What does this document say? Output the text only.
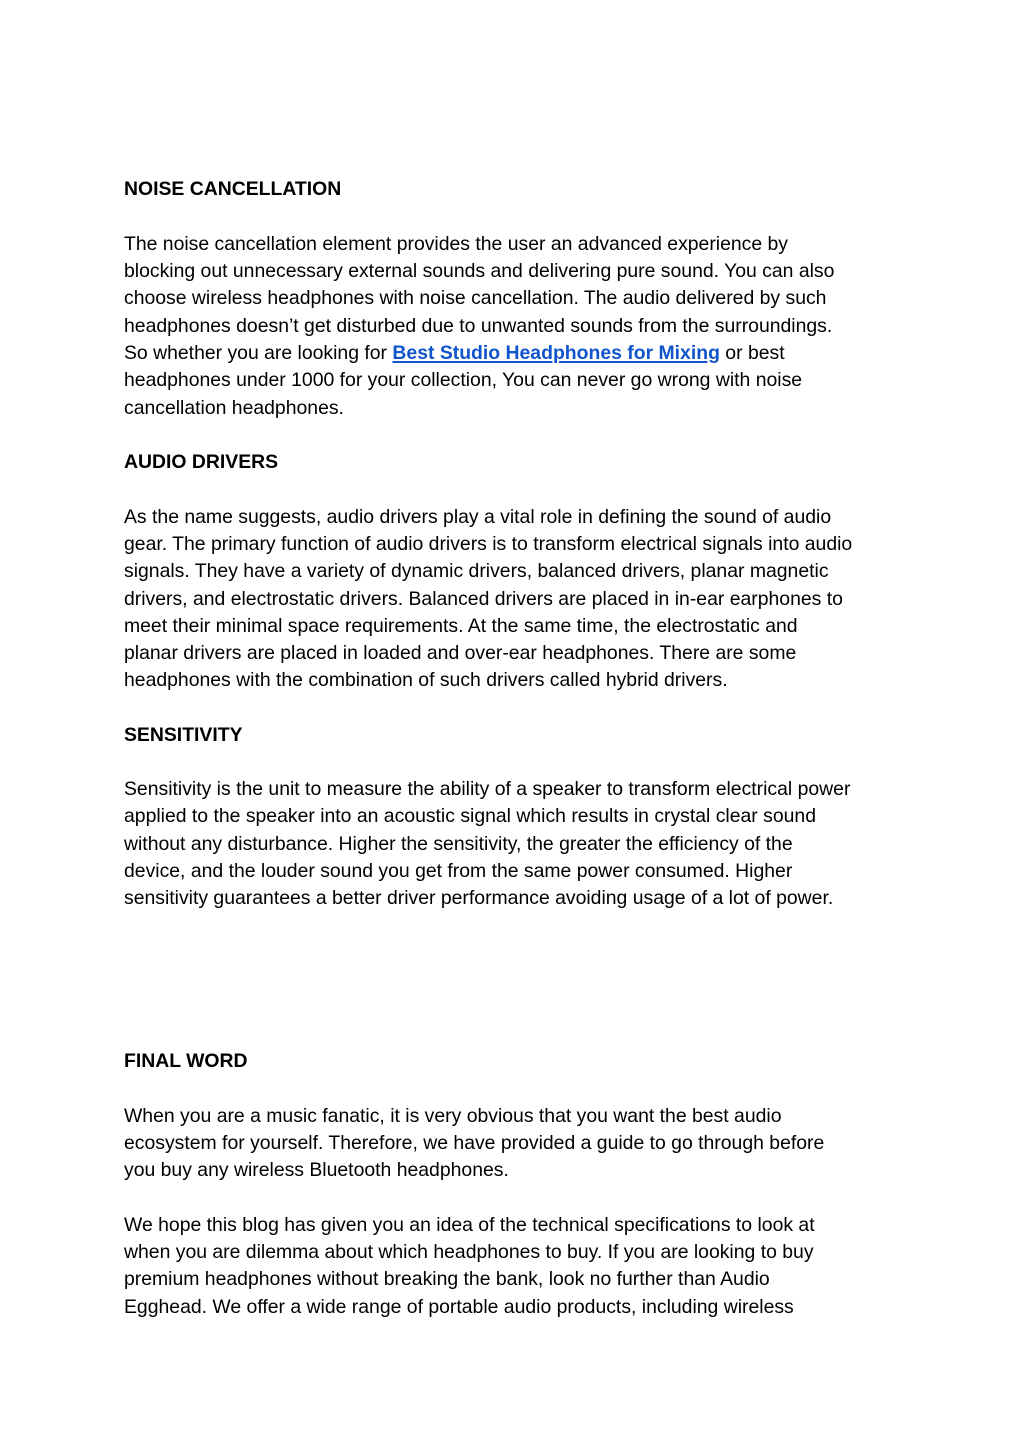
NOISE CANCELLATION
The noise cancellation element provides the user an advanced experience by
blocking out unnecessary external sounds and delivering pure sound. You can also
choose wireless headphones with noise cancellation. The audio delivered by such
headphones doesn’t get disturbed due to unwanted sounds from the surroundings.
So whether you are looking for Best Studio Headphones for Mixing or best
headphones under 1000 for your collection, You can never go wrong with noise
cancellation headphones.
AUDIO DRIVERS
As the name suggests, audio drivers play a vital role in defining the sound of audio
gear. The primary function of audio drivers is to transform electrical signals into audio
signals. They have a variety of dynamic drivers, balanced drivers, planar magnetic
drivers, and electrostatic drivers. Balanced drivers are placed in in-ear earphones to
meet their minimal space requirements. At the same time, the electrostatic and
planar drivers are placed in loaded and over-ear headphones. There are some
headphones with the combination of such drivers called hybrid drivers.
SENSITIVITY
Sensitivity is the unit to measure the ability of a speaker to transform electrical power
applied to the speaker into an acoustic signal which results in crystal clear sound
without any disturbance. Higher the sensitivity, the greater the efficiency of the
device, and the louder sound you get from the same power consumed. Higher
sensitivity guarantees a better driver performance avoiding usage of a lot of power.
FINAL WORD
When you are a music fanatic, it is very obvious that you want the best audio
ecosystem for yourself. Therefore, we have provided a guide to go through before
you buy any wireless Bluetooth headphones.
We hope this blog has given you an idea of the technical specifications to look at
when you are dilemma about which headphones to buy. If you are looking to buy
premium headphones without breaking the bank, look no further than Audio
Egghead. We offer a wide range of portable audio products, including wireless
